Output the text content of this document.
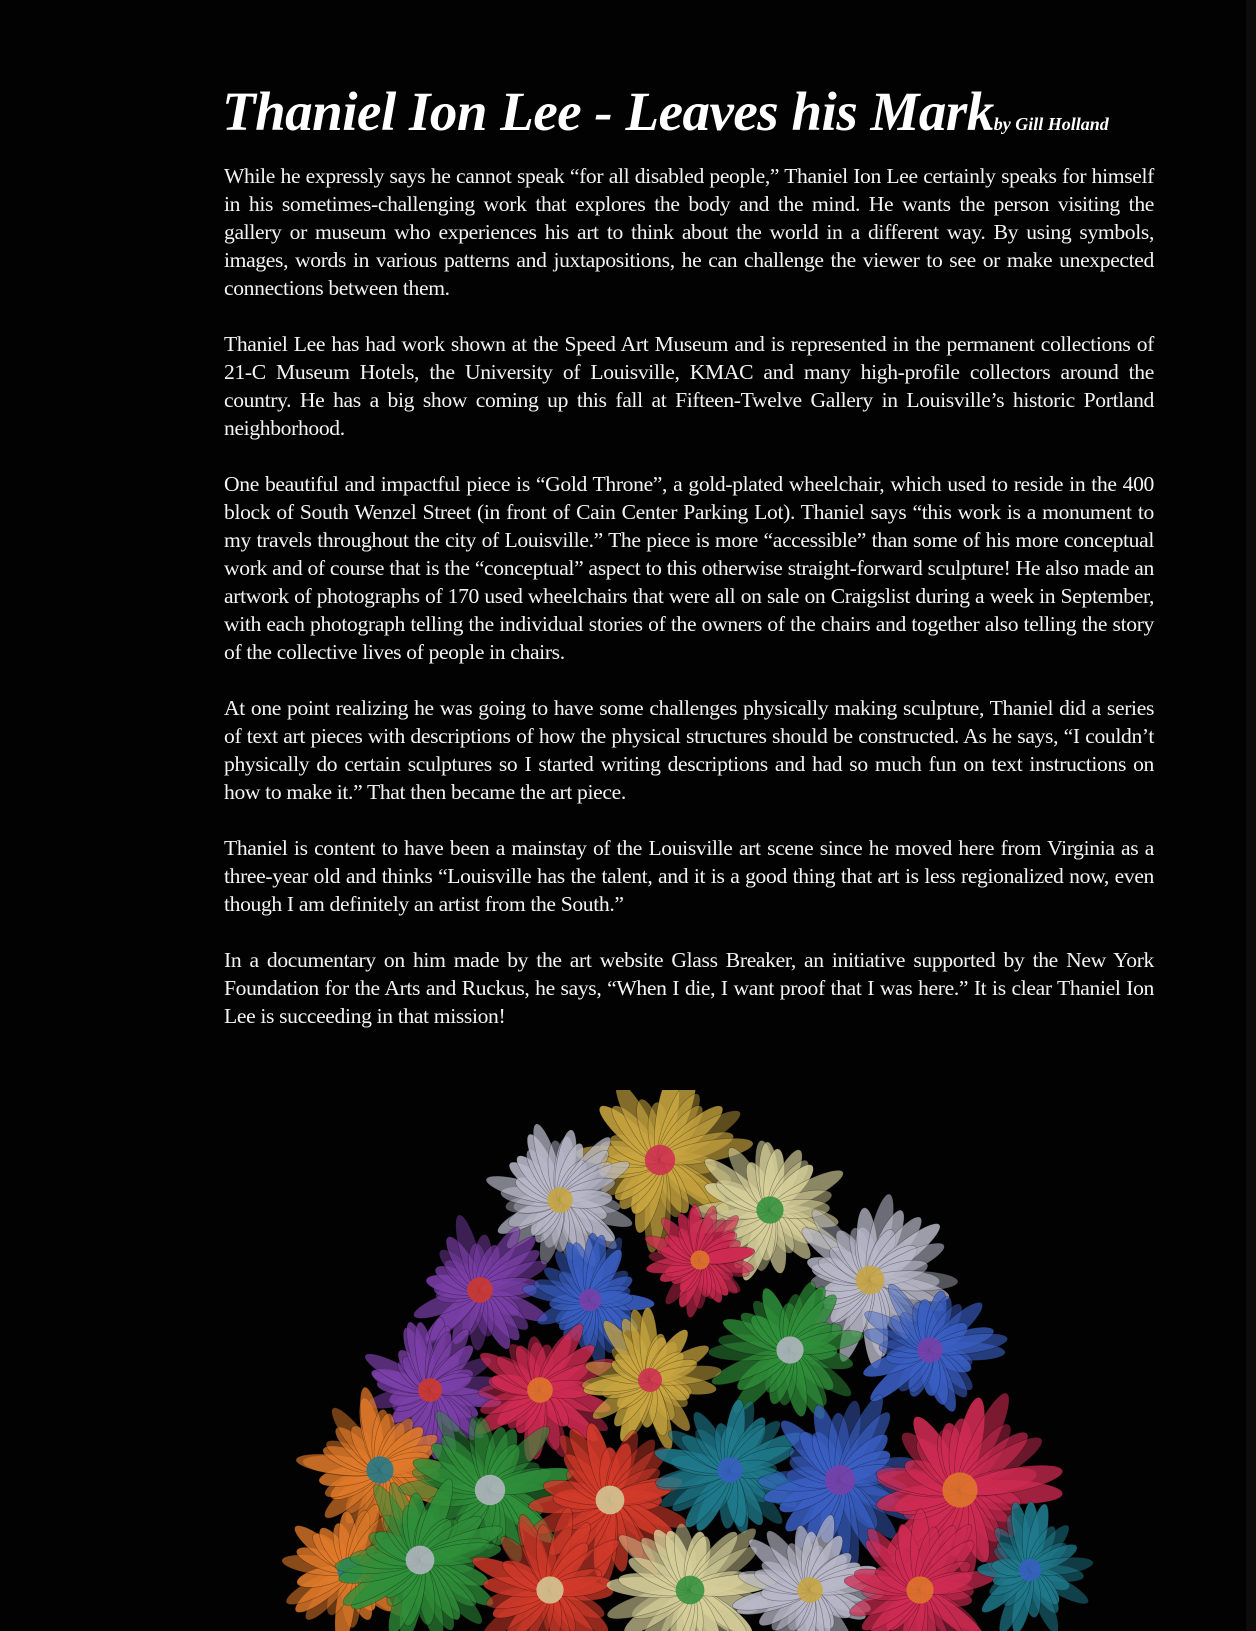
Thaniel Ion Lee - Leaves his Markby Gill Holland

While he expressly says he cannot speak “for all disabled people,” Thaniel Ion Lee certainly speaks for himself in his sometimes-challenging work that explores the body and the mind. He wants the person visiting the gallery or museum who experiences his art to think about the world in a different way. By using symbols, images, words in various patterns and juxtapositions, he can challenge the viewer to see or make unexpected connections between them.

Thaniel Lee has had work shown at the Speed Art Museum and is represented in the permanent collections of 21-C Museum Hotels, the University of Louisville, KMAC and many high-profile collectors around the country. He has a big show coming up this fall at Fifteen-Twelve Gallery in Louisville’s historic Portland neighborhood.

One beautiful and impactful piece is “Gold Throne”, a gold-plated wheelchair, which used to reside in the 400 block of South Wenzel Street (in front of Cain Center Parking Lot). Thaniel says “this work is a monument to my travels throughout the city of Louisville.” The piece is more “accessible” than some of his more conceptual work and of course that is the “conceptual” aspect to this otherwise straight-forward sculpture! He also made an artwork of photographs of 170 used wheelchairs that were all on sale on Craigslist during a week in September, with each photograph telling the individual stories of the owners of the chairs and together also telling the story of the collective lives of people in chairs.

At one point realizing he was going to have some challenges physically making sculpture, Thaniel did a series of text art pieces with descriptions of how the physical structures should be constructed. As he says, “I couldn’t physically do certain sculptures so I started writing descriptions and had so much fun on text instructions on how to make it.” That then became the art piece.

Thaniel is content to have been a mainstay of the Louisville art scene since he moved here from Virginia as a three-year old and thinks “Louisville has the talent, and it is a good thing that art is less regionalized now, even though I am definitely an artist from the South.”

In a documentary on him made by the art website Glass Breaker, an initiative supported by the New York Foundation for the Arts and Ruckus, he says, “When I die, I want proof that I was here.” It is clear Thaniel Ion Lee is succeeding in that mission!
